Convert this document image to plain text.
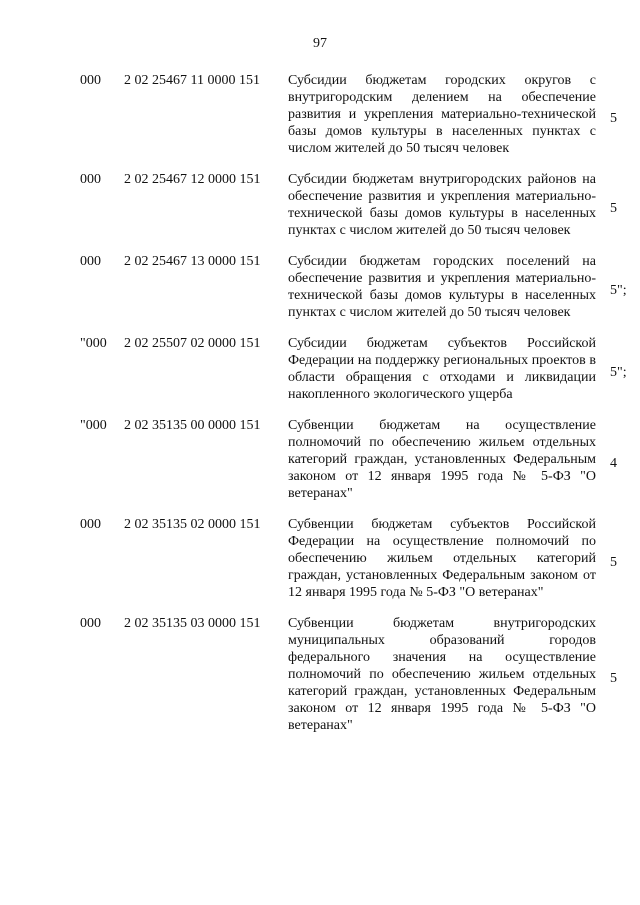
97
000 2 02 25467 11 0000 151 Субсидии бюджетам городских округов с внутригородским делением на обеспечение развития и укрепления материально-технической базы домов культуры в населенных пунктах с числом жителей до 50 тысяч человек
5
000 2 02 25467 12 0000 151 Субсидии бюджетам внутригородских районов на обеспечение развития и укрепления материально-технической базы домов культуры в населенных пунктах с числом жителей до 50 тысяч человек
5
000 2 02 25467 13 0000 151 Субсидии бюджетам городских поселений на обеспечение развития и укрепления материально-технической базы домов культуры в населенных пунктах с числом жителей до 50 тысяч человек
5";
"000 2 02 25507 02 0000 151 Субсидии бюджетам субъектов Российской Федерации на поддержку региональных проектов в области обращения с отходами и ликвидации накопленного экологического ущерба
5";
"000 2 02 35135 00 0000 151 Субвенции бюджетам на осуществление полномочий по обеспечению жильем отдельных категорий граждан, установленных Федеральным законом от 12 января 1995 года № 5-ФЗ "О ветеранах"
4
000 2 02 35135 02 0000 151 Субвенции бюджетам субъектов Российской Федерации на осуществление полномочий по обеспечению жильем отдельных категорий граждан, установленных Федеральным законом от 12 января 1995 года № 5-ФЗ "О ветеранах"
5
000 2 02 35135 03 0000 151 Субвенции бюджетам внутригородских муниципальных образований городов федерального значения на осуществление полномочий по обеспечению жильем отдельных категорий граждан, установленных Федеральным законом от 12 января 1995 года № 5-ФЗ "О ветеранах"
5
